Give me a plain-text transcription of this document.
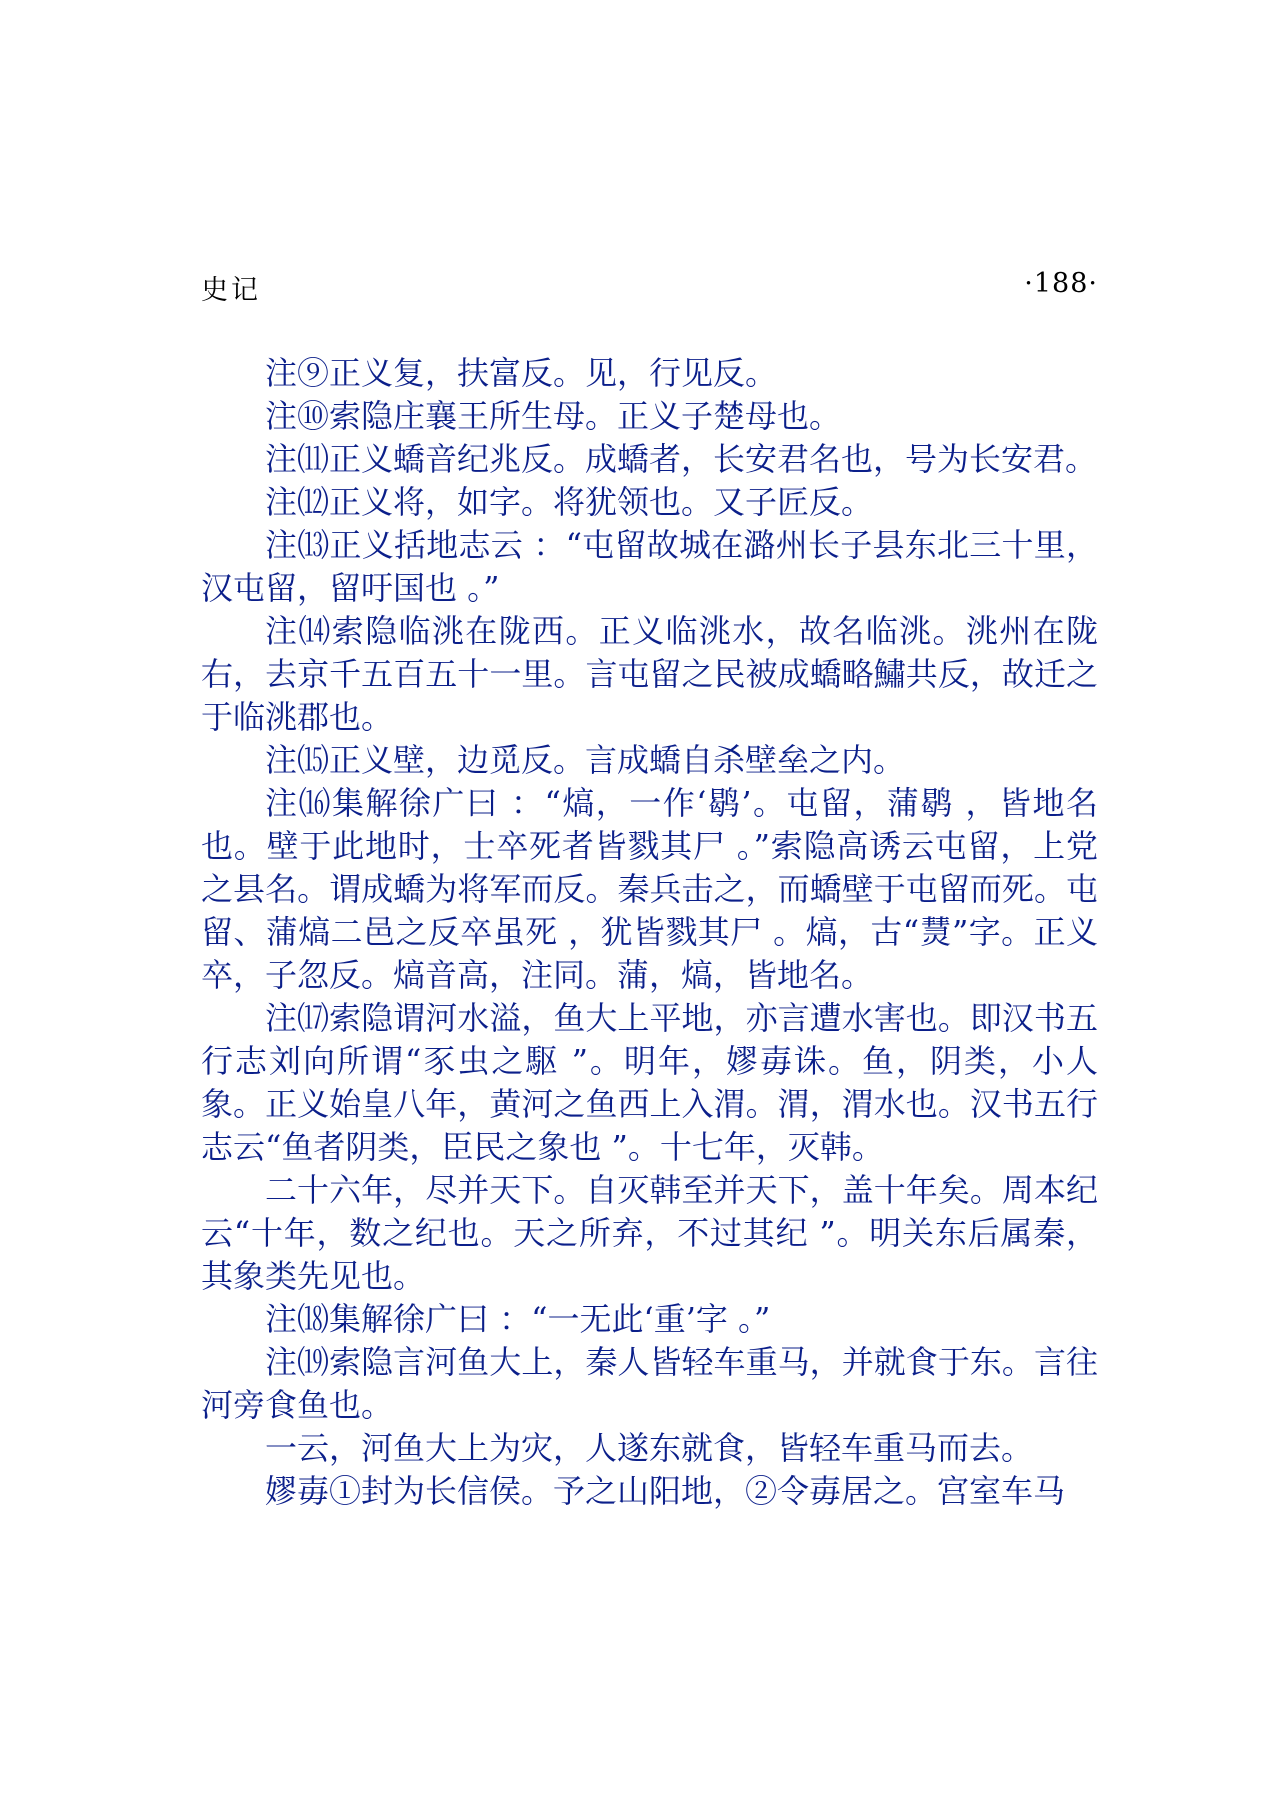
史记	·188·

注⑨正义复，扶富反。见，行见反。

注⑩索隐庄襄王所生母。正义子楚母也。

注⑾正义蟜音纪兆反。成蟜者，长安君名也，号为长安君。

注⑿正义将，如字。将犹领也。又子匠反。

注⒀正义括地志云 ：“屯留故城在潞州长子县东北三十里，汉屯留，留吁国也 。”

注⒁索隐临洮在陇西。正义临洮水，故名临洮。洮州在陇右，去京千五百五十一里。言屯留之民被成蟜略鱐共反，故迁之于临洮郡也。

注⒂正义壁，边觅反。言成蟜自杀壁垒之内。

注⒃集解徐广曰 ：“熇，一作‘鹖’。屯留，蒲鹖 ，皆地名也。壁于此地时，士卒死者皆戮其尸 。”索隐高诱云屯留，上党之县名。谓成蟜为将军而反。秦兵击之，而蟜壁于屯留而死。屯留、蒲熇二邑之反卒虽死 ，犹皆戮其尸 。熇，古“熭”字。正义卒，子忽反。熇音高，注同。蒲，熇，皆地名。

注⒄索隐谓河水溢，鱼大上平地，亦言遭水害也。即汉书五行志刘向所谓“豕虫之駆 ”。明年，嫪毐诛。鱼，阴类，小人象。正义始皇八年，黄河之鱼西上入渭。渭，渭水也。汉书五行志云“鱼者阴类，臣民之象也 ”。十七年，灭韩。

二十六年，尽并天下。自灭韩至并天下，盖十年矣。周本纪云“十年，数之纪也。天之所弃，不过其纪 ”。明关东后属秦，其象类先见也。

注⒅集解徐广曰 ：“一无此‘重’字 。”

注⒆索隐言河鱼大上，秦人皆轻车重马，并就食于东。言往河旁食鱼也。

一云，河鱼大上为灾，人遂东就食，皆轻车重马而去。

嫪毐①封为长信侯。予之山阳地，②令毐居之。宫室车马
